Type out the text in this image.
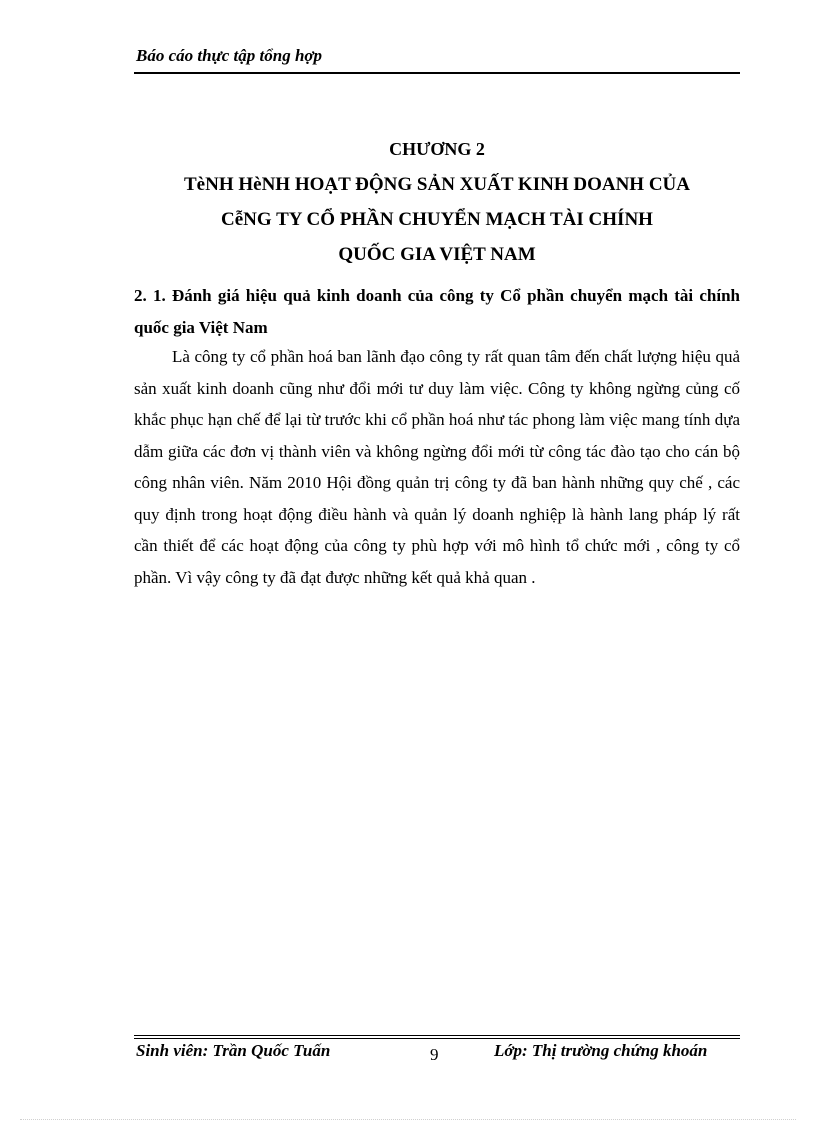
Báo cáo thực tập tổng hợp
CHƯƠNG 2
TèNH HèNH HOẠT ĐỘNG SẢN XUẤT KINH DOANH CỦA
CễNG TY CỔ PHẦN CHUYỂN MẠCH TÀI CHÍNH
QUỐC GIA VIỆT NAM
2. 1. Đánh giá hiệu quả kinh doanh của công ty Cổ phần chuyển mạch tài chính quốc gia Việt Nam
Là công ty cổ phần hoá ban lãnh đạo công ty rất quan tâm đến chất lượng hiệu quả sản xuất kinh doanh cũng như đổi mới tư duy làm việc. Công ty không ngừng củng cố khắc phục hạn chế để lại từ trước khi cổ phần hoá như tác phong làm việc mang tính dựa dẫm giữa các đơn vị thành viên và không ngừng đổi mới từ công tác đào tạo cho cán bộ công nhân viên. Năm 2010 Hội đồng quản trị công ty đã ban hành những quy chế , các quy định trong hoạt động điều hành và quản lý doanh nghiệp là hành lang pháp lý rất cần thiết để các hoạt động của công ty phù hợp với mô hình tổ chức mới , công ty cổ phần. Vì vậy công ty đã đạt được những kết quả khả quan .
Sinh viên: Trần Quốc Tuấn	9	Lớp: Thị trường chứng khoán
